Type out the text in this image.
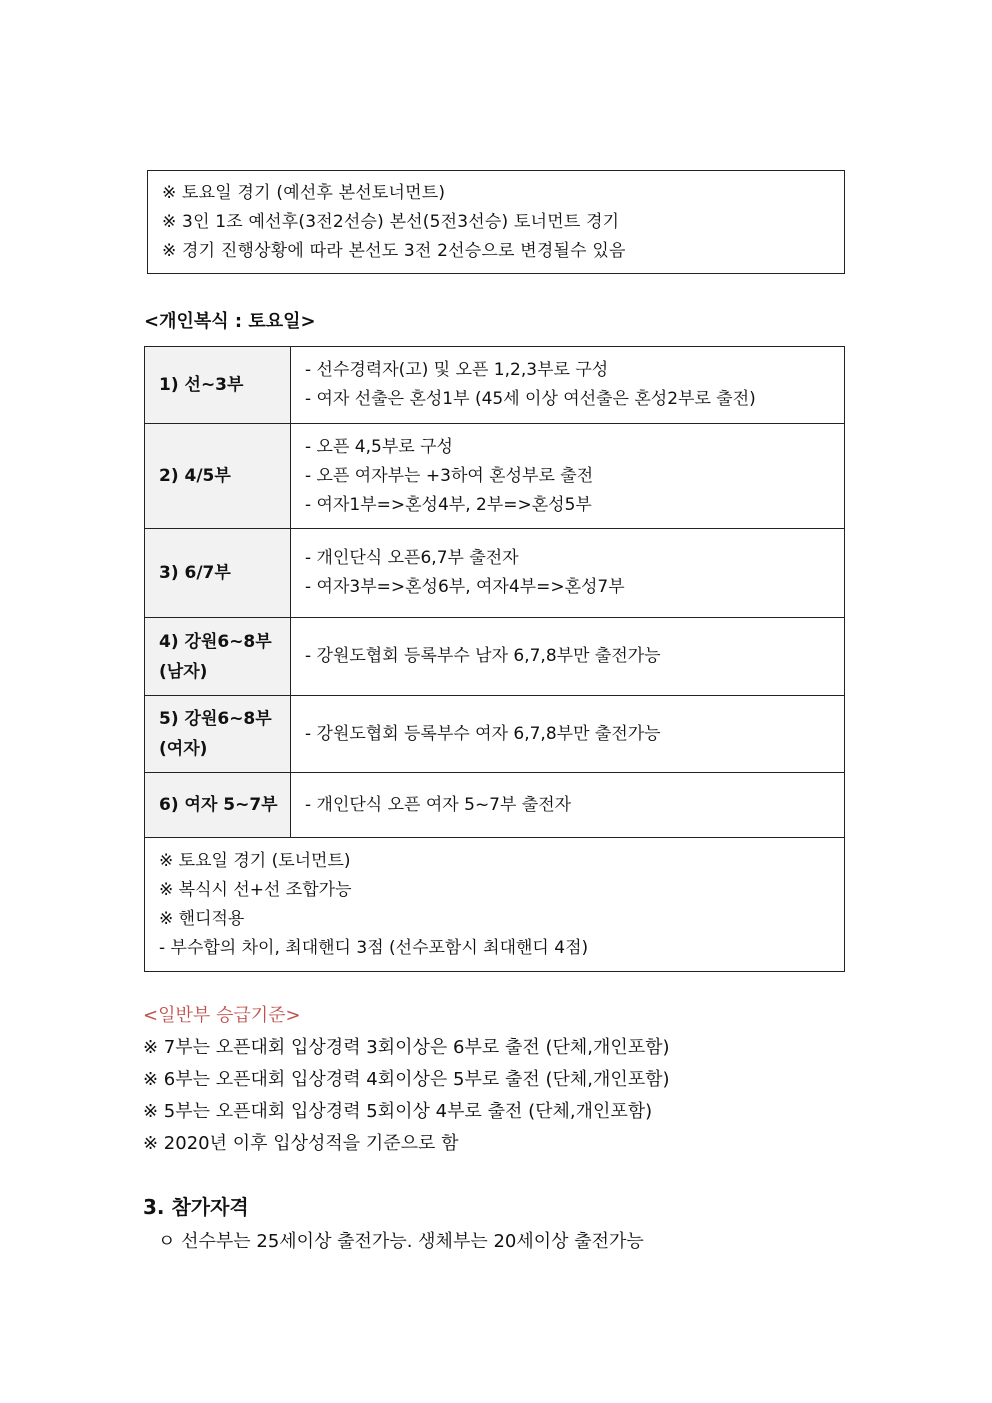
※ 토요일 경기 (예선후 본선토너먼트)
※ 3인 1조 예선후(3전2선승) 본선(5전3선승) 토너먼트 경기
※ 경기 진행상황에 따라 본선도 3전 2선승으로 변경될수 있음
<개인복식 : 토요일>
1) 선~3부	- 선수경력자(고) 및 오픈 1,2,3부로 구성
- 여자 선출은 혼성1부 (45세 이상 여선출은 혼성2부로 출전)

2) 4/5부	- 오픈 4,5부로 구성
- 오픈 여자부는 +3하여 혼성부로 출전
- 여자1부=>혼성4부, 2부=>혼성5부

3) 6/7부	- 개인단식 오픈6,7부 출전자
- 여자3부=>혼성6부, 여자4부=>혼성7부

4) 강원6~8부
(남자)	- 강원도협회 등록부수 남자 6,7,8부만 출전가능

5) 강원6~8부
(여자)	- 강원도협회 등록부수 여자 6,7,8부만 출전가능

6) 여자 5~7부	- 개인단식 오픈 여자 5~7부 출전자

※ 토요일 경기 (토너먼트)
※ 복식시 선+선 조합가능
※ 핸디적용
- 부수합의 차이, 최대핸디 3점 (선수포함시 최대핸디 4점)	
<일반부 승급기준>
※ 7부는 오픈대회 입상경력 3회이상은 6부로 출전 (단체,개인포함)
※ 6부는 오픈대회 입상경력 4회이상은 5부로 출전 (단체,개인포함)
※ 5부는 오픈대회 입상경력 5회이상 4부로 출전 (단체,개인포함)
※ 2020년 이후 입상성적을 기준으로 함
3. 참가자격
ㅇ 선수부는 25세이상 출전가능. 생체부는 20세이상 출전가능
